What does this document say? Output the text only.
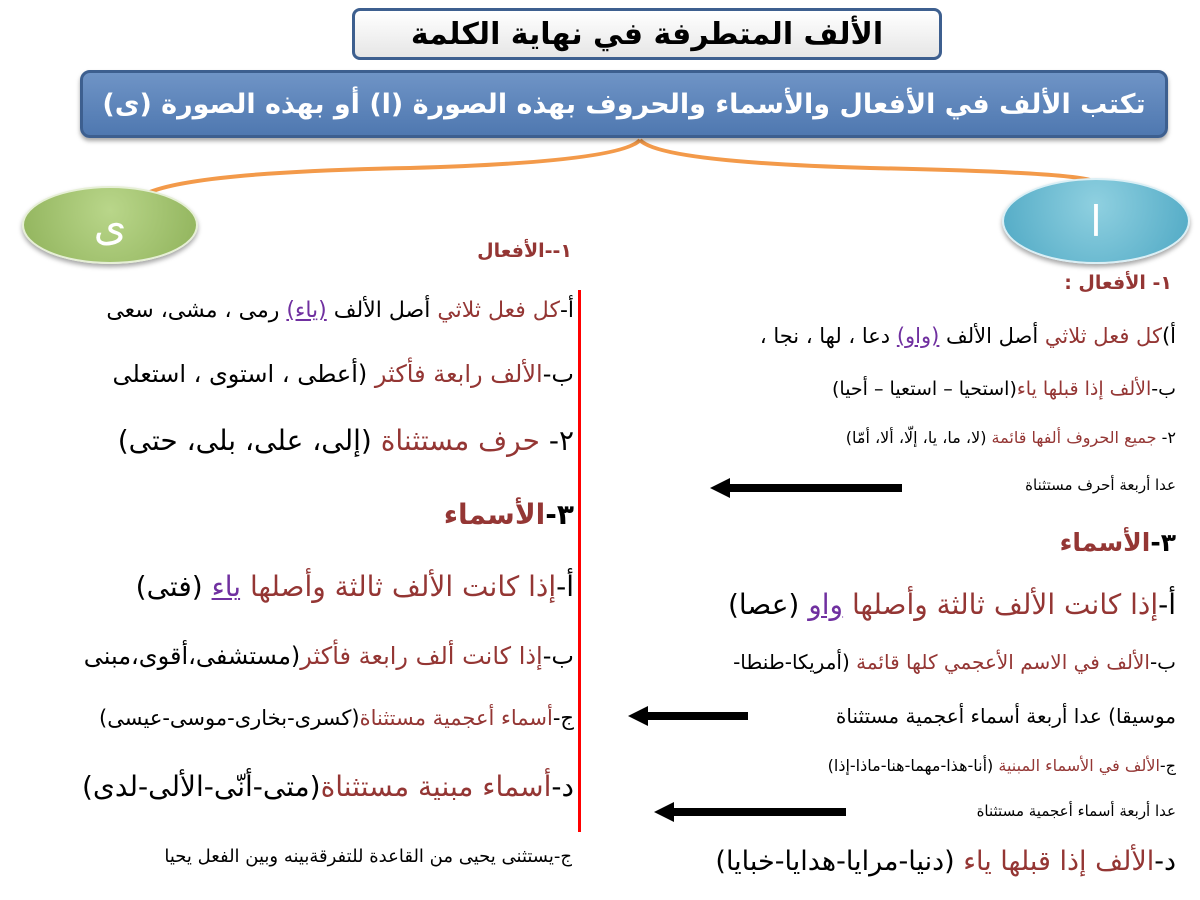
الألف المتطرفة في نهاية الكلمة
تكتب الألف في الأفعال والأسماء والحروف بهذه الصورة (ا) أو بهذه الصورة (ى)
ى	ا
١--الأفعال
أ-كل فعل ثلاثي أصل الألف (ياء) رمى ، مشى، سعى
ب-الألف رابعة فأكثر (أعطى ، استوى ، استعلى
٢- حرف مستثناة (إلى، على، بلى، حتى)
٣-الأسماء
أ-إذا كانت الألف ثالثة وأصلها ياء (فتى)
ب-إذا كانت ألف رابعة فأكثر(مستشفى،أقوى،مبنى
ج-أسماء أعجمية مستثناة(كسرى-بخارى-موسى-عيسى)
د-أسماء مبنية مستثناة(متى-أنّى-الألى-لدى)
ج-يستثنى يحيى من القاعدة للتفرقةبينه وبين الفعل يحيا
١- الأفعال :
أ)كل فعل ثلاثي أصل الألف (واو) دعا ، لها ، نجا ،
ب-الألف إذا قبلها ياء(استحيا – استعيا – أحيا)
٢- جميع الحروف ألفها قائمة (لا، ما، يا، إلّا، ألا، أمّا)
عدا أربعة أحرف مستثناة
٣-الأسماء
أ-إذا كانت الألف ثالثة وأصلها واو (عصا)
ب-الألف في الاسم الأعجمي كلها قائمة (أمريكا-طنطا-
موسيقا) عدا أربعة أسماء أعجمية مستثناة
ج-الألف في الأسماء المبنية (أنا-هذا-مهما-هنا-ماذا-إذا)
عدا أربعة أسماء أعجمية مستثناة
د-الألف إذا قبلها ياء (دنيا-مرايا-هدايا-خبايا)
